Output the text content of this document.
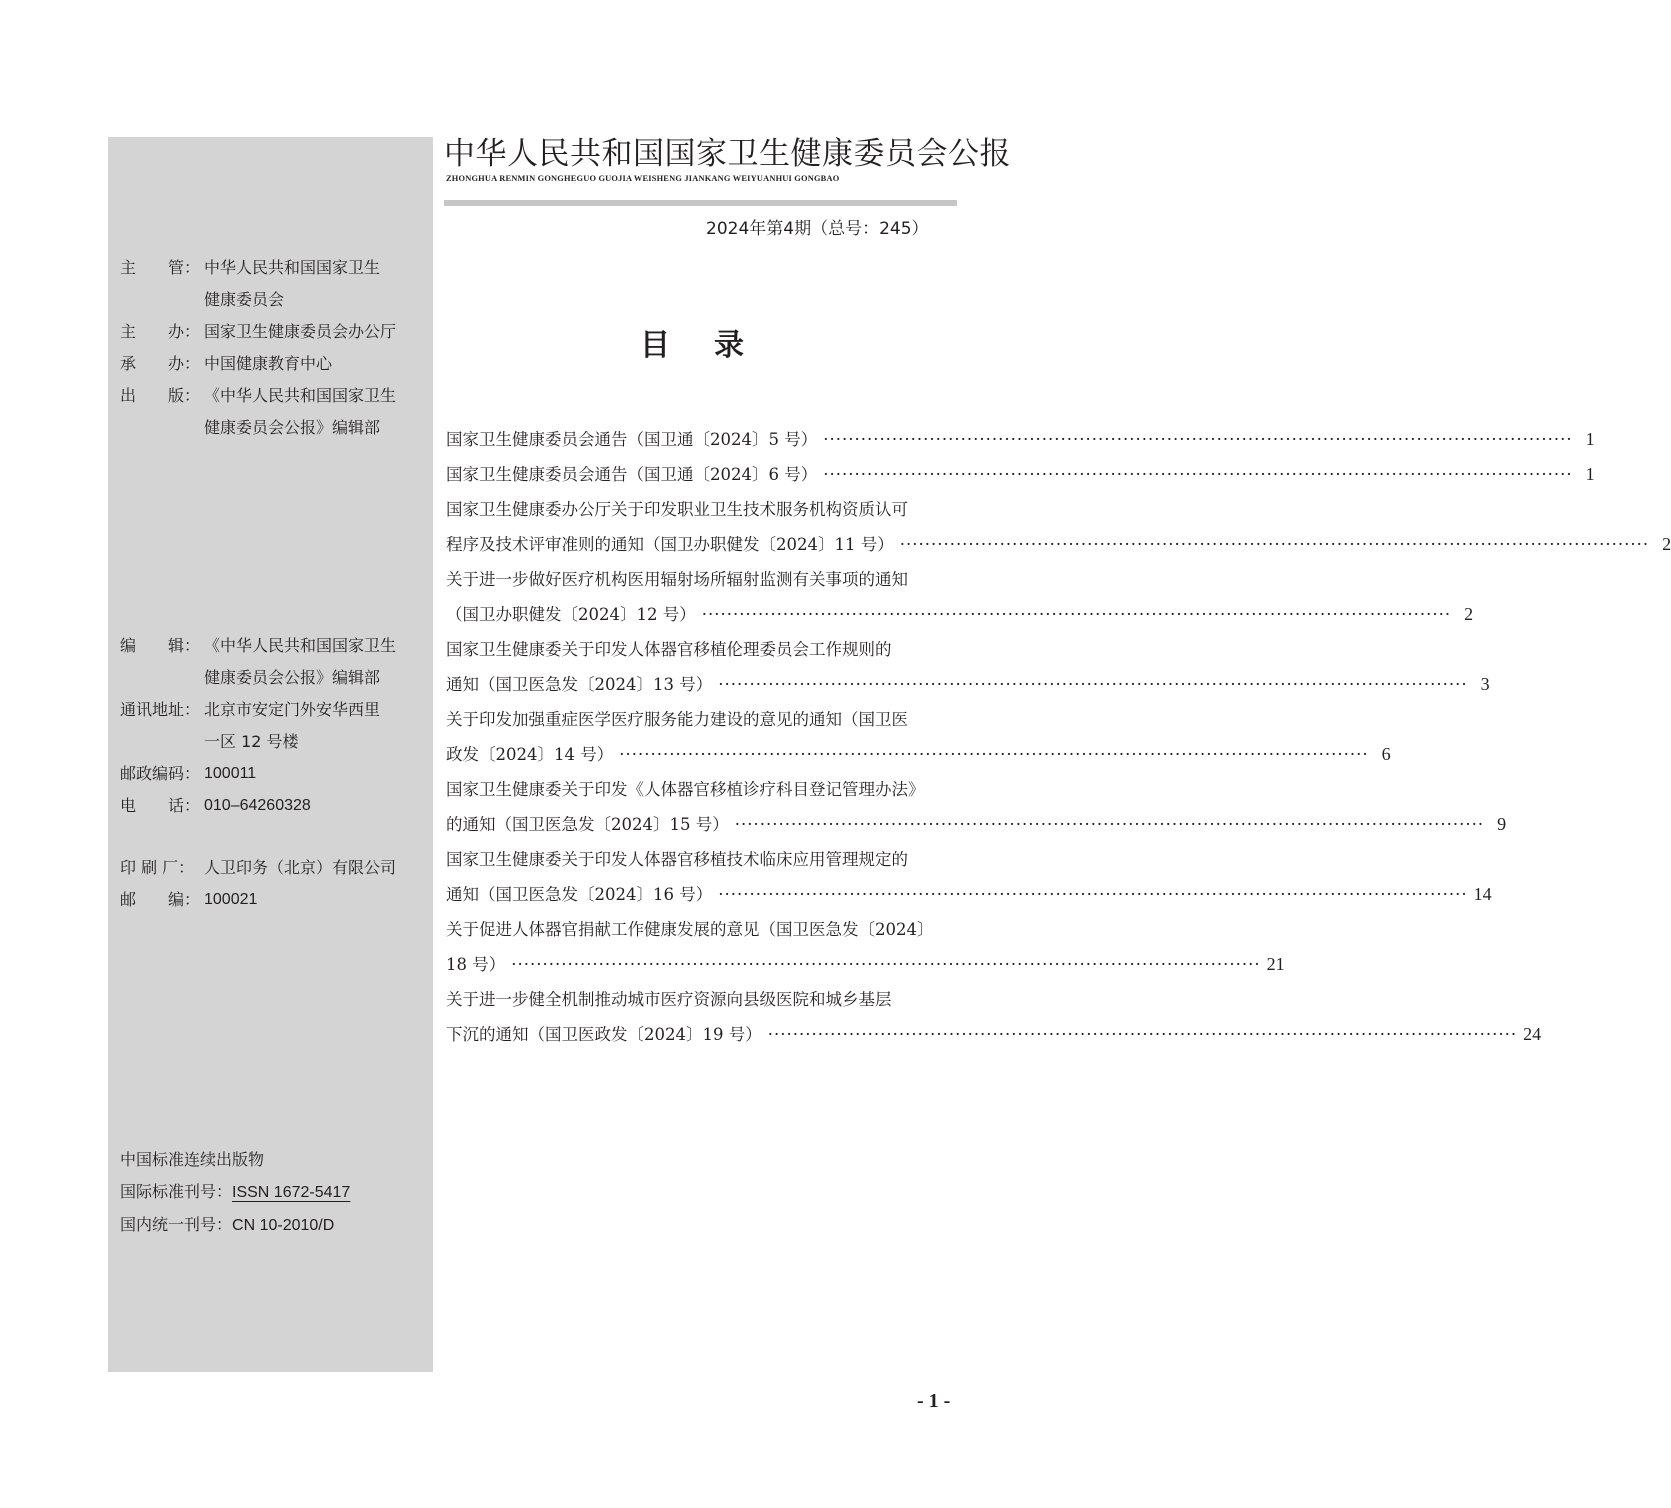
主　　管： 中华人民共和国国家卫生
健康委员会
主　　办： 国家卫生健康委员会办公厅
承　　办： 中国健康教育中心
出　　版： 《中华人民共和国国家卫生
健康委员会公报》编辑部
编　　辑： 《中华人民共和国国家卫生
健康委员会公报》编辑部
通讯地址： 北京市安定门外安华西里
一区 12 号楼
邮政编码： 100011
电　　话： 010–64260328
印 刷 厂： 人卫印务（北京）有限公司
邮　　编： 100021
中国标准连续出版物
国际标准刊号：ISSN 1672-5417
国内统一刊号：CN 10-2010/D
中华人民共和国国家卫生健康委员会公报
ZHONGHUA RENMIN GONGHEGUO GUOJIA WEISHENG JIANKANG WEIYUANHUI GONGBAO
2024年第4期（总号：245）
目录
国家卫生健康委员会通告（国卫通〔2024〕5 号） ························································································································ 1
国家卫生健康委员会通告（国卫通〔2024〕6 号） ························································································································ 1
国家卫生健康委办公厅关于印发职业卫生技术服务机构资质认可
程序及技术评审准则的通知（国卫办职健发〔2024〕11 号） ························································································································ 2
关于进一步做好医疗机构医用辐射场所辐射监测有关事项的通知
（国卫办职健发〔2024〕12 号） ························································································································ 2
国家卫生健康委关于印发人体器官移植伦理委员会工作规则的
通知（国卫医急发〔2024〕13 号） ························································································································ 3
关于印发加强重症医学医疗服务能力建设的意见的通知（国卫医
政发〔2024〕14 号） ························································································································ 6
国家卫生健康委关于印发《人体器官移植诊疗科目登记管理办法》
的通知（国卫医急发〔2024〕15 号） ························································································································ 9
国家卫生健康委关于印发人体器官移植技术临床应用管理规定的
通知（国卫医急发〔2024〕16 号） ························································································································ 14
关于促进人体器官捐献工作健康发展的意见（国卫医急发〔2024〕
18 号） ························································································································ 21
关于进一步健全机制推动城市医疗资源向县级医院和城乡基层
下沉的通知（国卫医政发〔2024〕19 号） ························································································································ 24
- 1 -
